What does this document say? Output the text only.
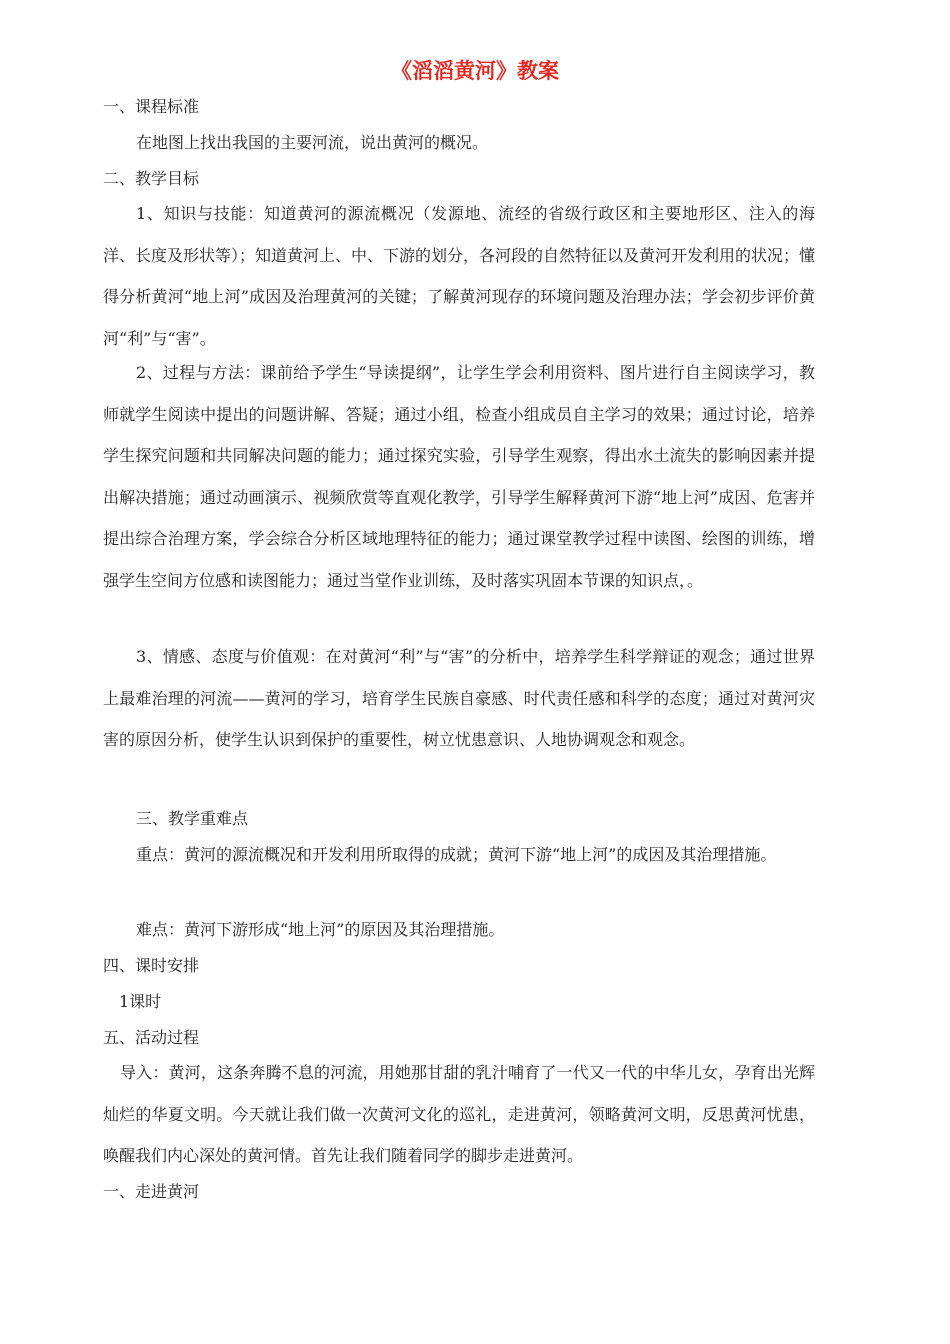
《滔滔黄河》教案

一、课程标准

在地图上找出我国的主要河流，说出黄河的概况。

二、教学目标

1、知识与技能：知道黄河的源流概况（发源地、流经的省级行政区和主要地形区、注入的海洋、长度及形状等）；知道黄河上、中、下游的划分，各河段的自然特征以及黄河开发利用的状况；懂得分析黄河“地上河”成因及治理黄河的关键；了解黄河现存的环境问题及治理办法；学会初步评价黄河“利”与“害”。

2、过程与方法：课前给予学生“导读提纲”，让学生学会利用资料、图片进行自主阅读学习，教师就学生阅读中提出的问题讲解、答疑；通过小组，检查小组成员自主学习的效果；通过讨论，培养学生探究问题和共同解决问题的能力；通过探究实验，引导学生观察，得出水土流失的影响因素并提出解决措施；通过动画演示、视频欣赏等直观化教学，引导学生解释黄河下游“地上河”成因、危害并提出综合治理方案，学会综合分析区域地理特征的能力；通过课堂教学过程中读图、绘图的训练，增强学生空间方位感和读图能力；通过当堂作业训练，及时落实巩固本节课的知识点，。

3、情感、态度与价值观：在对黄河“利”与“害”的分析中，培养学生科学辩证的观念；通过世界上最难治理的河流——黄河的学习，培育学生民族自豪感、时代责任感和科学的态度；通过对黄河灾害的原因分析，使学生认识到保护的重要性，树立忧患意识、人地协调观念和观念。

三、教学重难点

重点：黄河的源流概况和开发利用所取得的成就；黄河下游“地上河”的成因及其治理措施。

难点：黄河下游形成“地上河”的原因及其治理措施。

四、课时安排

1课时

五、活动过程

导入：黄河，这条奔腾不息的河流，用她那甘甜的乳汁哺育了一代又一代的中华儿女，孕育出光辉灿烂的华夏文明。今天就让我们做一次黄河文化的巡礼，走进黄河，领略黄河文明，反思黄河忧患，唤醒我们内心深处的黄河情。首先让我们随着同学的脚步走进黄河。

一、走进黄河
